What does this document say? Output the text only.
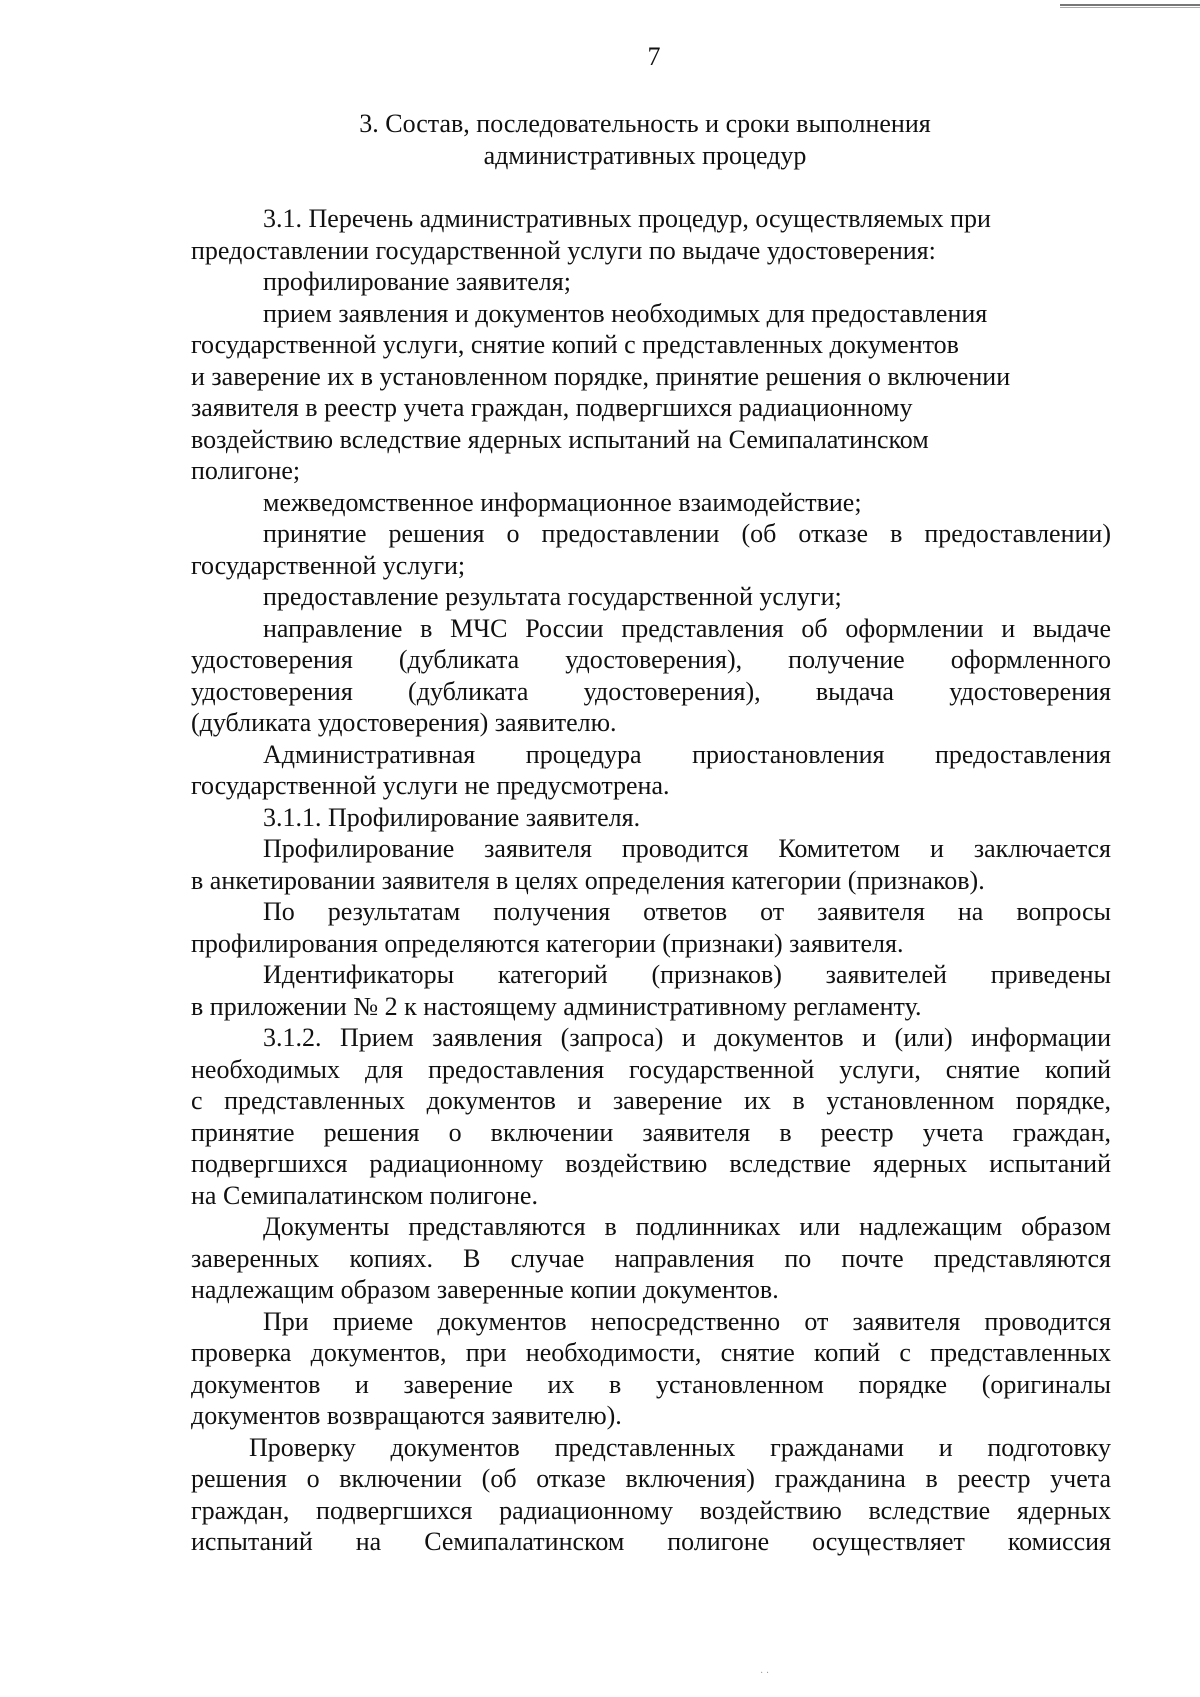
7
3. Состав, последовательность и сроки выполнения
административных процедур
3.1. Перечень административных процедур, осуществляемых при
предоставлении государственной услуги по выдаче удостоверения:
профилирование заявителя;
прием заявления и документов необходимых для предоставления
государственной услуги, снятие копий с представленных документов
и заверение их в установленном порядке, принятие решения о включении
заявителя в реестр учета граждан, подвергшихся радиационному
воздействию вследствие ядерных испытаний на Семипалатинском
полигоне;
межведомственное информационное взаимодействие;
принятие решения о предоставлении (об отказе в предоставлении)
государственной услуги;
предоставление результата государственной услуги;
направление в МЧС России представления об оформлении и выдаче
удостоверения (дубликата удостоверения), получение оформленного
удостоверения (дубликата удостоверения), выдача удостоверения
(дубликата удостоверения) заявителю.
Административная процедура приостановления предоставления
государственной услуги не предусмотрена.
3.1.1. Профилирование заявителя.
Профилирование заявителя проводится Комитетом и заключается
в анкетировании заявителя в целях определения категории (признаков).
По результатам получения ответов от заявителя на вопросы
профилирования определяются категории (признаки) заявителя.
Идентификаторы категорий (признаков) заявителей приведены
в приложении № 2 к настоящему административному регламенту.
3.1.2. Прием заявления (запроса) и документов и (или) информации
необходимых для предоставления государственной услуги, снятие копий
с представленных документов и заверение их в установленном порядке,
принятие решения о включении заявителя в реестр учета граждан,
подвергшихся радиационному воздействию вследствие ядерных испытаний
на Семипалатинском полигоне.
Документы представляются в подлинниках или надлежащим образом
заверенных копиях. В случае направления по почте представляются
надлежащим образом заверенные копии документов.
При приеме документов непосредственно от заявителя проводится
проверка документов, при необходимости, снятие копий с представленных
документов и заверение их в установленном порядке (оригиналы
документов возвращаются заявителю).
Проверку документов представленных гражданами и подготовку
решения о включении (об отказе включения) гражданина в реестр учета
граждан, подвергшихся радиационному воздействию вследствие ядерных
испытаний на Семипалатинском полигоне осуществляет комиссия
· ·
